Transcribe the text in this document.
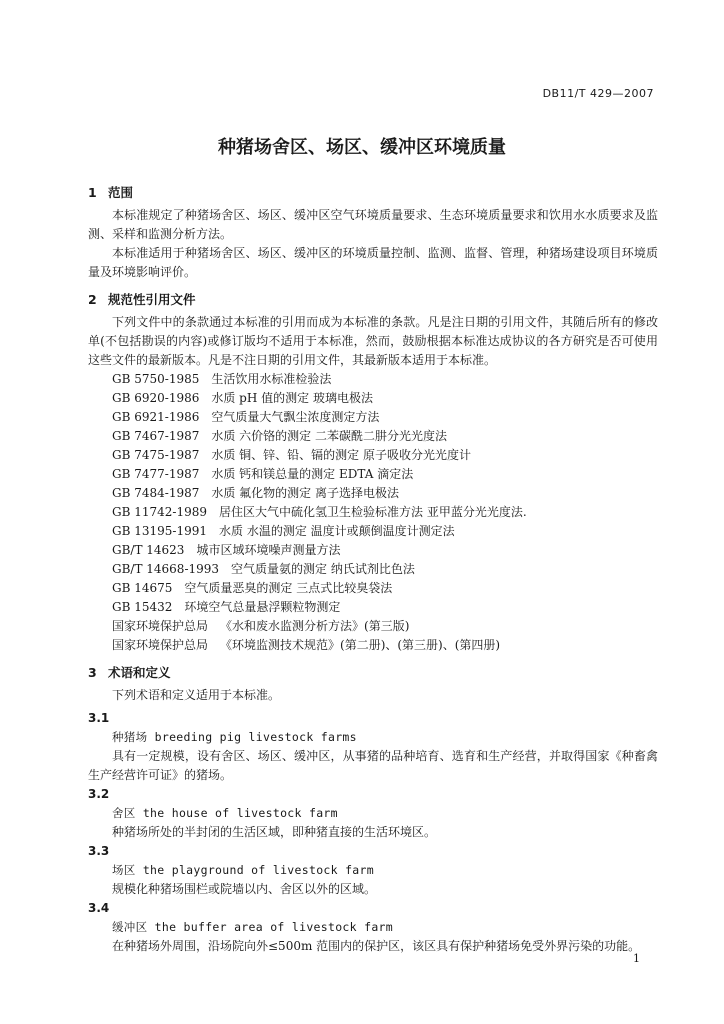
DB11/T 429—2007
种猪场舍区、场区、缓冲区环境质量

1 范围

本标准规定了种猪场舍区、场区、缓冲区空气环境质量要求、生态环境质量要求和饮用水水质要求及监测、采样和监测分析方法。

本标准适用于种猪场舍区、场区、缓冲区的环境质量控制、监测、监督、管理，种猪场建设项目环境质量及环境影响评价。

2 规范性引用文件

下列文件中的条款通过本标准的引用而成为本标准的条款。凡是注日期的引用文件，其随后所有的修改单(不包括勘误的内容)或修订版均不适用于本标准，然而，鼓励根据本标准达成协议的各方研究是否可使用这些文件的最新版本。凡是不注日期的引用文件，其最新版本适用于本标准。

GB 5750-1985 生活饮用水标准检验法
GB 6920-1986 水质 pH 值的测定 玻璃电极法
GB 6921-1986 空气质量大气飘尘浓度测定方法
GB 7467-1987 水质 六价铬的测定 二苯碳酰二肼分光光度法
GB 7475-1987 水质 铜、锌、铅、镉的测定 原子吸收分光光度计
GB 7477-1987 水质 钙和镁总量的测定 EDTA 滴定法
GB 7484-1987 水质 氟化物的测定 离子选择电极法
GB 11742-1989 居住区大气中硫化氢卫生检验标准方法 亚甲蓝分光光度法.
GB 13195-1991 水质 水温的测定 温度计或颠倒温度计测定法
GB/T 14623 城市区域环境噪声测量方法
GB/T 14668-1993 空气质量氨的测定 纳氏试剂比色法
GB 14675 空气质量恶臭的测定 三点式比较臭袋法
GB 15432 环境空气总量悬浮颗粒物测定
国家环境保护总局 《水和废水监测分析方法》(第三版)
国家环境保护总局 《环境监测技术规范》(第二册)、(第三册)、(第四册)

3 术语和定义

下列术语和定义适用于本标准。

3.1

种猪场 breeding pig livestock farms

具有一定规模，设有舍区、场区、缓冲区，从事猪的品种培育、选育和生产经营，并取得国家《种畜禽生产经营许可证》的猪场。

3.2

舍区 the house of livestock farm

种猪场所处的半封闭的生活区域，即种猪直接的生活环境区。

3.3

场区 the playground of livestock farm

规模化种猪场围栏或院墙以内、舍区以外的区域。

3.4

缓冲区 the buffer area of livestock farm

在种猪场外周围，沿场院向外≤500m 范围内的保护区，该区具有保护种猪场免受外界污染的功能。

1
